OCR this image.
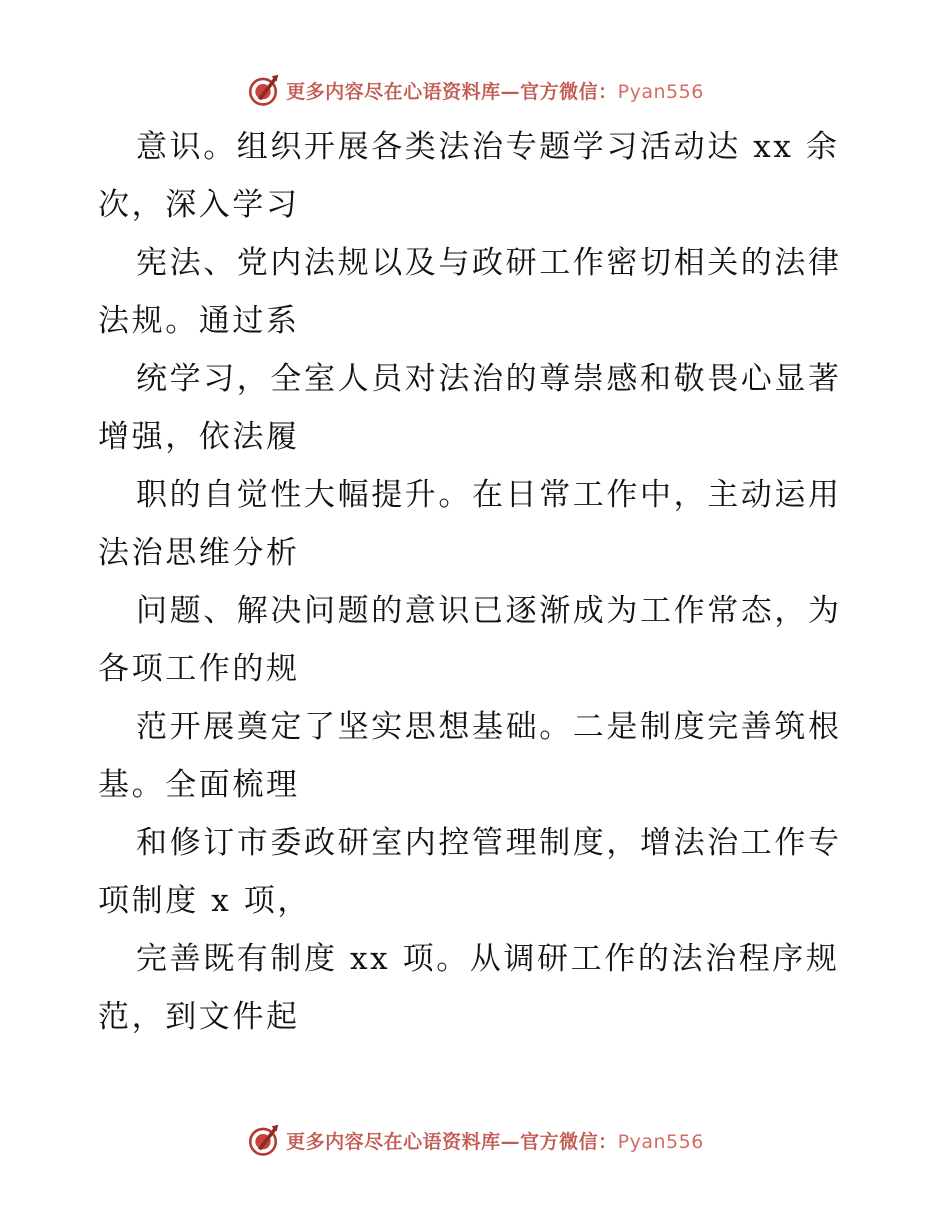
更多内容尽在心语资料库—官方微信：Pyan556
意识。组织开展各类法治专题学习活动达 xx 余
次，深入学习
宪法、党内法规以及与政研工作密切相关的法律
法规。通过系
统学习，全室人员对法治的尊崇感和敬畏心显著
增强，依法履
职的自觉性大幅提升。在日常工作中，主动运用
法治思维分析
问题、解决问题的意识已逐渐成为工作常态，为
各项工作的规
范开展奠定了坚实思想基础。二是制度完善筑根
基。全面梳理
和修订市委政研室内控管理制度，增法治工作专
项制度 x 项，
完善既有制度 xx 项。从调研工作的法治程序规
范，到文件起
更多内容尽在心语资料库—官方微信：Pyan556
